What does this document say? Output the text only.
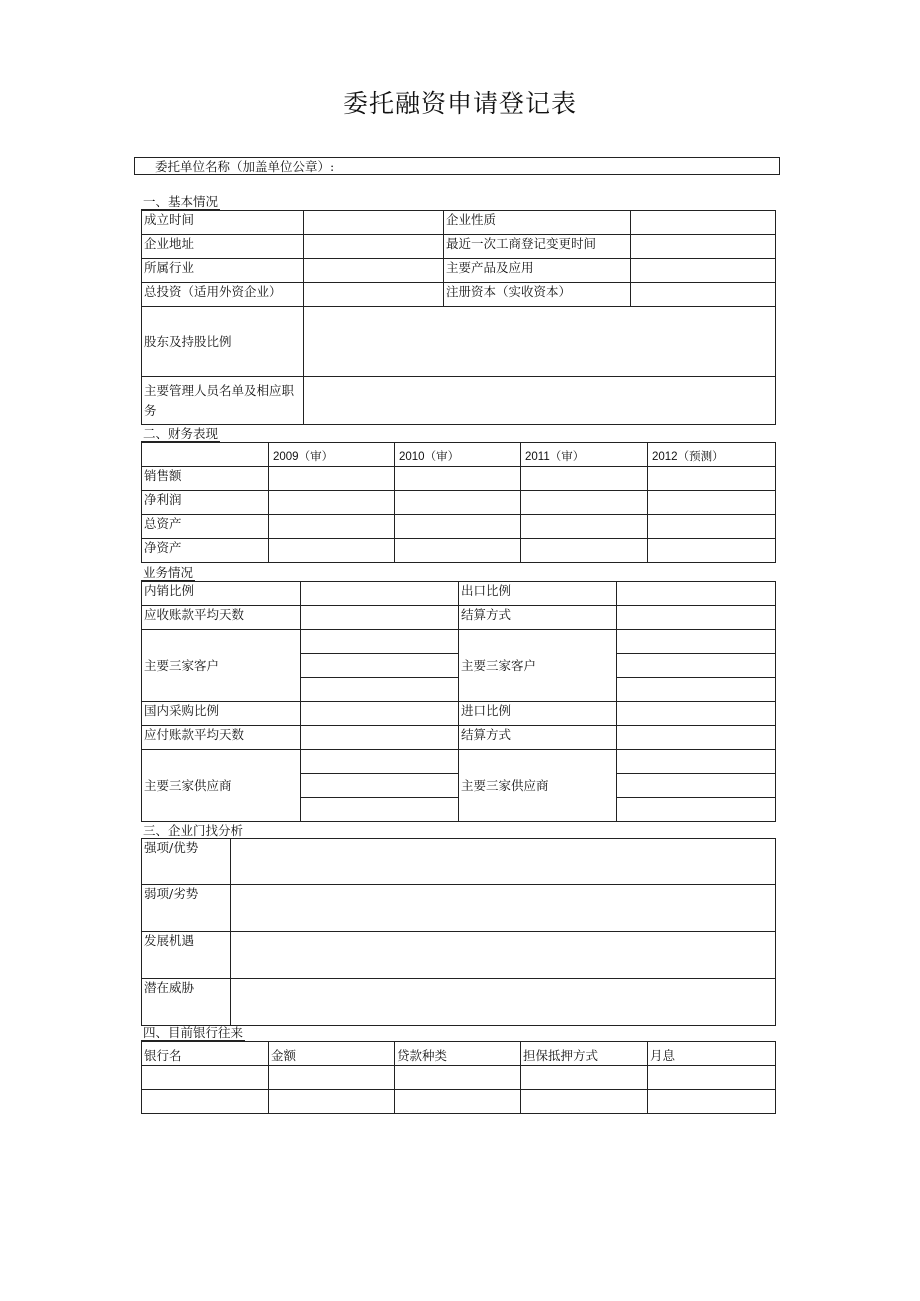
委托融资申请登记表
委托单位名称（加盖单位公章）:
一、基本情况
成立时间		企业性质	
企业地址		最近一次工商登记变更时间	
所属行业		主要产品及应用	
总投资（适用外资企业）		注册资本（实收资本）	
股东及持股比例			
主要管理人员名单及相应职务			
二、财务表现
	2009（审）	2010（审）	2011（审）	2012（预测）
销售额				
净利润				
总资产				
净资产				
业务情况
内销比例		出口比例	
应收账款平均天数		结算方式	
主要三家客户		主要三家客户	

国内采购比例		进口比例	
应付账款平均天数		结算方式	
主要三家供应商		主要三家供应商	

三、企业门找分析
强项/优势	
弱项/劣势	
发展机遇	
潜在威胁	
四、目前银行往来
银行名	金额	贷款种类	担保抵押方式	月息
